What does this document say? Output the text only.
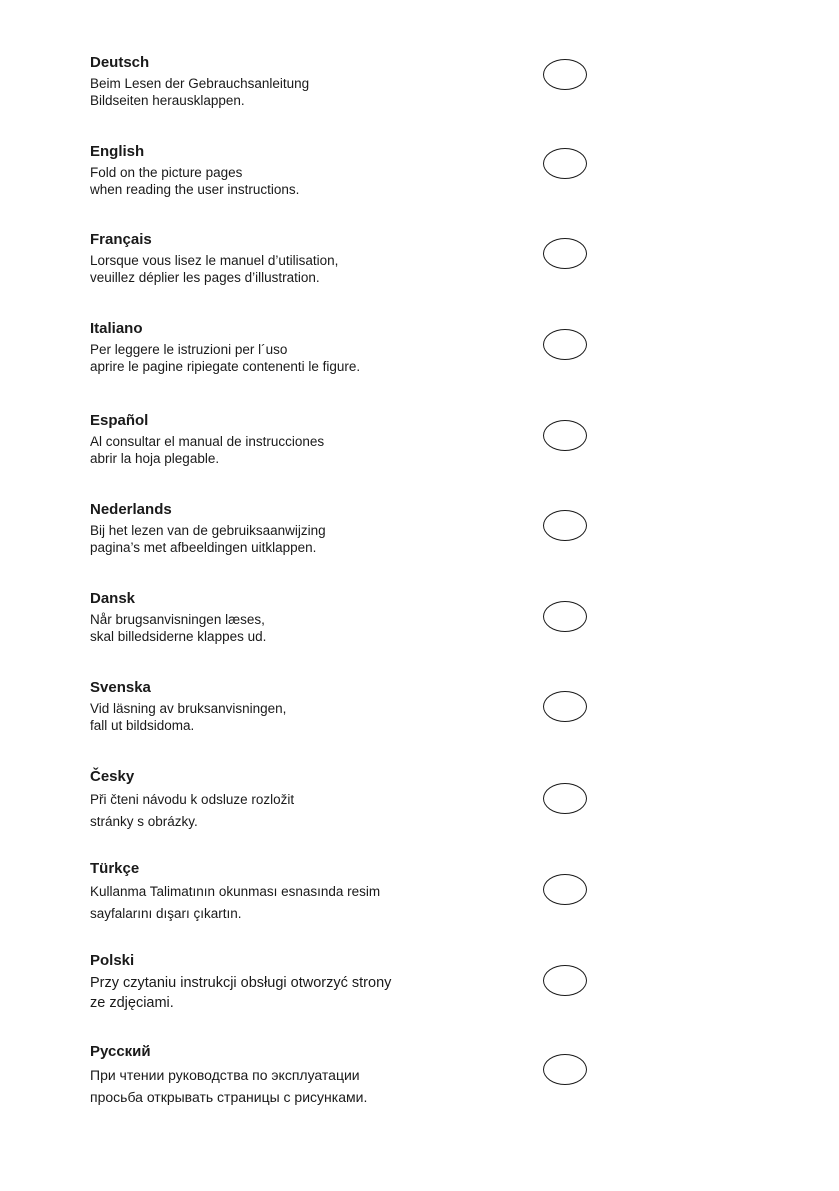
Deutsch
Beim Lesen der Gebrauchsanleitung
Bildseiten herausklappen.
English
Fold on the picture pages
when reading the user instructions.
Français
Lorsque vous lisez le manuel d’utilisation,
veuillez déplier les pages d’illustration.
Italiano
Per leggere le istruzioni per l´uso
aprire le pagine ripiegate contenenti le figure.
Español
Al consultar el manual de instrucciones
abrir la hoja plegable.
Nederlands
Bij het lezen van de gebruiksaanwijzing
pagina’s met afbeeldingen uitklappen.
Dansk
Når brugsanvisningen læses,
skal billedsiderne klappes ud.
Svenska
Vid läsning av bruksanvisningen,
fall ut bildsidoma.
Česky
Při čteni návodu k odsluze rozložit
stránky s obrázky.
Türkçe
Kullanma Talimatının okunması esnasında resim
sayfalarını dışarı çıkartın.
Polski
Przy czytaniu instrukcji obsługi otworzyć strony
ze zdjęciami.
Русский
При чтении руководства по эксплуатации
просьба открывать страницы с рисунками.
